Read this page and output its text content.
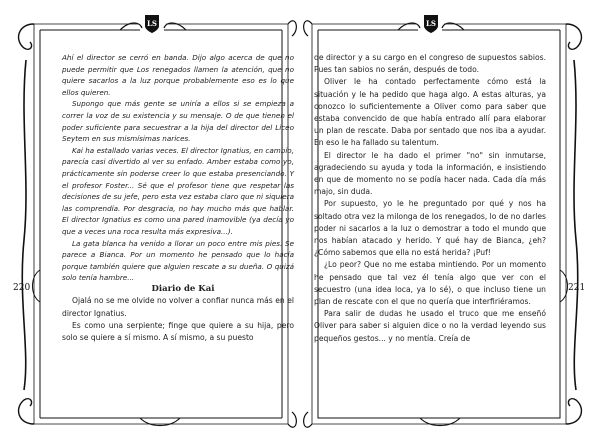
LS	LS

Ahí el director se cerró en banda. Dijo algo acerca de que no puede permitir que Los renegados llamen la atención, que no quiere sacarlos a la luz porque probablemente eso es lo que ellos quieren.

Supongo que más gente se uniría a ellos si se empieza a correr la voz de su existencia y su mensaje. O de que tienen el poder suficiente para secuestrar a la hija del director del Liceo Seytem en sus mismísimas narices.

Kai ha estallado varias veces. El director Ignatius, en cambio, parecía casi divertido al ver su enfado. Amber estaba como yo, prácticamente sin poderse creer lo que estaba presenciando. Y el profesor Foster... Sé que el profesor tiene que respetar las decisiones de su jefe, pero esta vez estaba claro que ni siquiera las comprendía. Por desgracia, no hay mucho más que hablar. El director Ignatius es como una pared inamovible (ya decía yo que a veces una roca resulta más expresiva...).

La gata blanca ha venido a llorar un poco entre mis pies. Se parece a Bianca. Por un momento he pensado que lo hacía porque también quiere que alguien rescate a su dueña. O quizá solo tenía hambre...

Diario de Kai

Ojalá no se me olvide no volver a confiar nunca más en el director Ignatius.

Es como una serpiente; finge que quiere a su hija, pero solo se quiere a sí mismo. A sí mismo, a su puesto

de director y a su cargo en el congreso de supuestos sabios. Pues tan sabios no serán, después de todo.

Oliver le ha contado perfectamente cómo está la situación y le ha pedido que haga algo. A estas alturas, ya conozco lo suficientemente a Oliver como para saber que estaba convencido de que había entrado allí para elaborar un plan de rescate. Daba por sentado que nos iba a ayudar. En eso le ha fallado su talentum.

El director le ha dado el primer "no" sin inmutarse, agradeciendo su ayuda y toda la información, e insistiendo en que de momento no se podía hacer nada. Cada día más majo, sin duda.

Por supuesto, yo le he preguntado por qué y nos ha soltado otra vez la milonga de los renegados, lo de no darles poder ni sacarlos a la luz o demostrar a todo el mundo que nos habían atacado y herido. Y qué hay de Bianca, ¿eh? ¿Cómo sabemos que ella no está herida? ¡Puf!

¿Lo peor? Que no me estaba mintiendo. Por un momento he pensado que tal vez él tenía algo que ver con el secuestro (una idea loca, ya lo sé), o que incluso tiene un plan de rescate con el que no quería que interfiriéramos.

Para salir de dudas he usado el truco que me enseñó Oliver para saber si alguien dice o no la verdad leyendo sus pequeños gestos... y no mentía. Creía de

220	221
